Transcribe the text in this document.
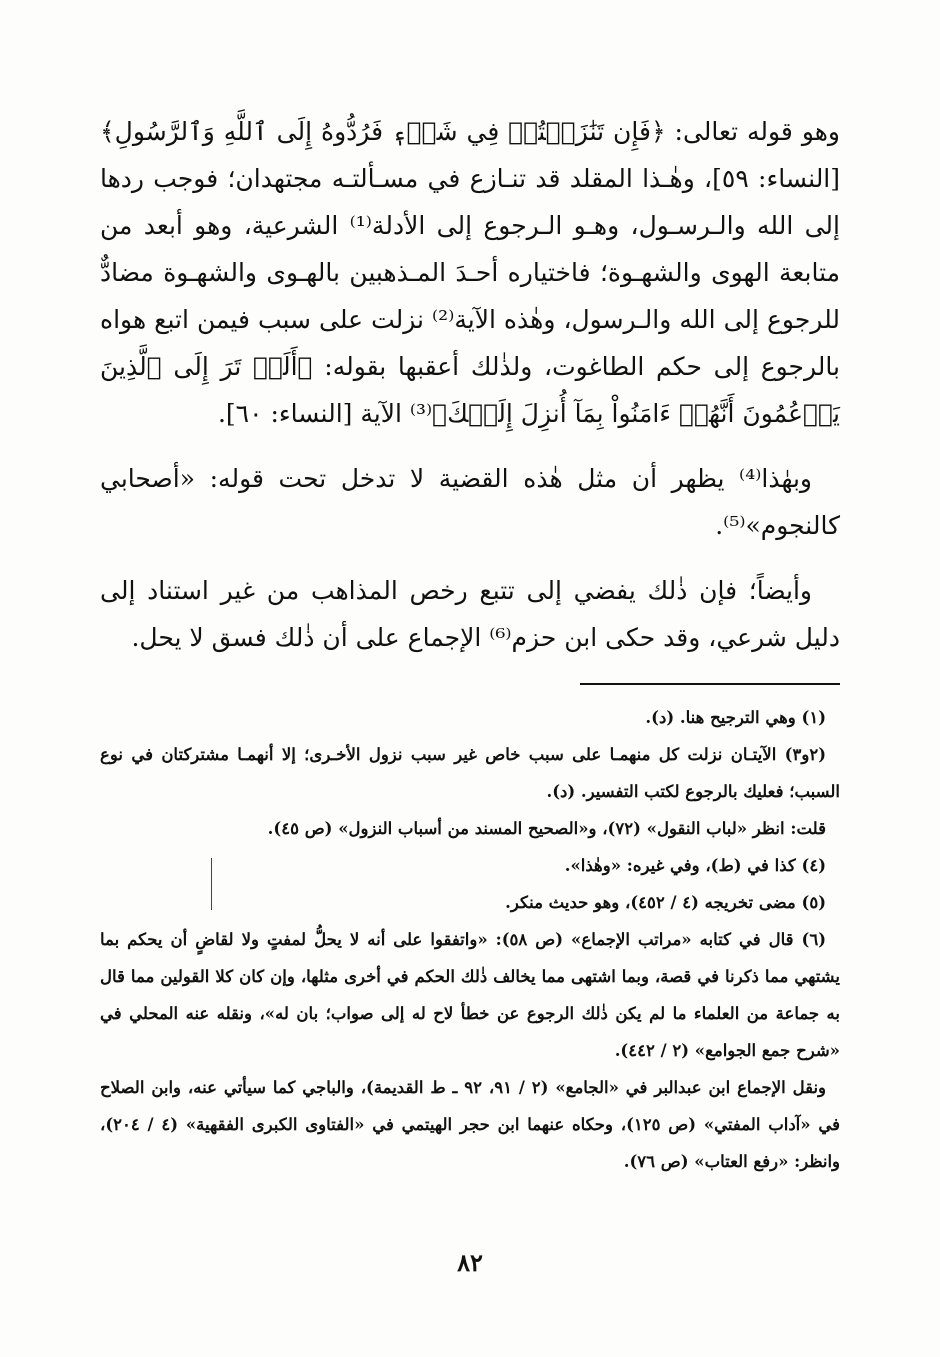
وهو قوله تعالى: ﴿فَإِن تَنَٰزَعۡتُمۡ فِي شَيۡءٖ فَرُدُّوهُ إِلَى ٱللَّهِ وَٱلرَّسُولِ﴾ [النساء: ٥٩]، وهٰـذا المقلد قد تنـازع في مسـألتـه مجتهدان؛ فوجب ردها إلى الله والـرسـول، وهـو الـرجوع إلى الأدلة⁽¹⁾ الشرعية، وهو أبعد من متابعة الهوى والشهـوة؛ فاختياره أحـدَ المـذهبين بالهـوى والشهـوة مضادٌّ للرجوع إلى الله والـرسول، وهٰذه الآية⁽²⁾ نزلت على سبب فيمن اتبع هواه بالرجوع إلى حكم الطاغوت، ولذٰلك أعقبها بقوله: ﴿أَلَمۡ تَرَ إِلَى ٱلَّذِينَ يَزۡعُمُونَ أَنَّهُمۡ ءَامَنُواْ بِمَآ أُنزِلَ إِلَيۡكَ﴾⁽³⁾ الآية [النساء: ٦٠].

وبهٰذا⁽⁴⁾ يظهر أن مثل هٰذه القضية لا تدخل تحت قوله: «أصحابي كالنجوم»⁽⁵⁾.

وأيضاً؛ فإن ذٰلك يفضي إلى تتبع رخص المذاهب من غير استناد إلى دليل شرعي، وقد حكى ابن حزم⁽⁶⁾ الإجماع على أن ذٰلك فسق لا يحل.

(١) وهي الترجيح هنا. (د).

(٢و٣) الآيتـان نزلت كل منهمـا على سبب خاص غير سبب نزول الأخـرى؛ إلا أنهمـا مشتركتان في نوع السبب؛ فعليك بالرجوع لكتب التفسير. (د).

قلت: انظر «لباب النقول» (٧٢)، و«الصحيح المسند من أسباب النزول» (ص ٤٥).

(٤) كذا في (ط)، وفي غيره: «وهٰذا».

(٥) مضى تخريجه (٤ / ٤٥٢)، وهو حديث منكر.

(٦) قال في كتابه «مراتب الإجماع» (ص ٥٨): «واتفقوا على أنه لا يحلُّ لمفتٍ ولا لقاضٍ أن يحكم بما يشتهي مما ذكرنا في قصة، وبما اشتهى مما يخالف ذٰلك الحكم في أخرى مثلها، وإن كان كلا القولين مما قال به جماعة من العلماء ما لم يكن ذٰلك الرجوع عن خطأ لاح له إلى صواب؛ بان له»، ونقله عنه المحلي في «شرح جمع الجوامع» (٢ / ٤٤٢).

ونقل الإجماع ابن عبدالبر في «الجامع» (٢ / ٩١، ٩٢ ـ ط القديمة)، والباجي كما سيأتي عنه، وابن الصلاح في «آداب المفتي» (ص ١٢٥)، وحكاه عنهما ابن حجر الهيتمي في «الفتاوى الكبرى الفقهية» (٤ / ٢٠٤)، وانظر: «رفع العتاب» (ص ٧٦).

٨٢
